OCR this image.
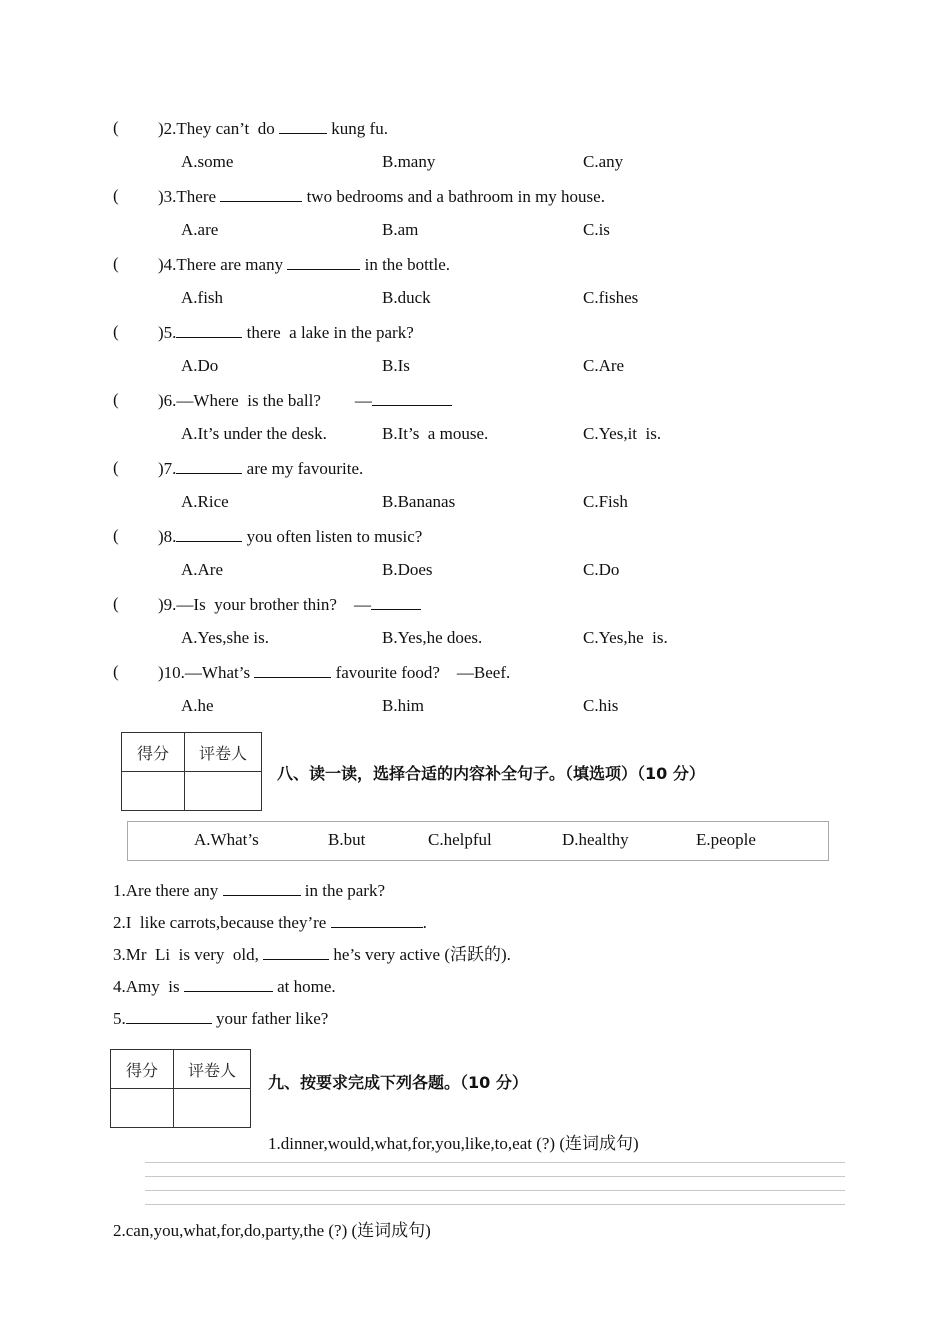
( )2.They can’t  do	kung fu.
A.some	B.many	C.any
( )3.There	two bedrooms and a bathroom in my house.
A.are	B.am	C.is
( )4.There are many	in the bottle.
A.fish	B.duck	C.fishes
( )5.	there  a lake in the park?
A.Do	B.Is	C.Are
( )6.—Where  is the ball?        —
A.It’s under the desk.	B.It’s  a mouse.	C.Yes,it  is.
( )7.	are my favourite.
A.Rice	B.Bananas	C.Fish
( )8.	you often listen to music?
A.Are	B.Does	C.Do
( )9.—Is  your brother thin?    —
A.Yes,she is.	B.Yes,he does.	C.Yes,he  is.
( )10.—What’s	favourite food?    —Beef.
A.he	B.him	C.his
得分	评卷人

八、读一读，选择合适的内容补全句子。（填选项）（10 分）
A.What’s	B.but	C.helpful	D.healthy	E.people
1.Are there any	in the park?
2.I  like carrots,because they’re	.
3.Mr  Li  is very  old,	he’s very active (活跃的).
4.Amy  is	at home.
5.	your father like?
得分	评卷人

九、按要求完成下列各题。（10 分）
1.dinner,would,what,for,you,like,to,eat (?) (连词成句)
2.can,you,what,for,do,party,the (?) (连词成句)
